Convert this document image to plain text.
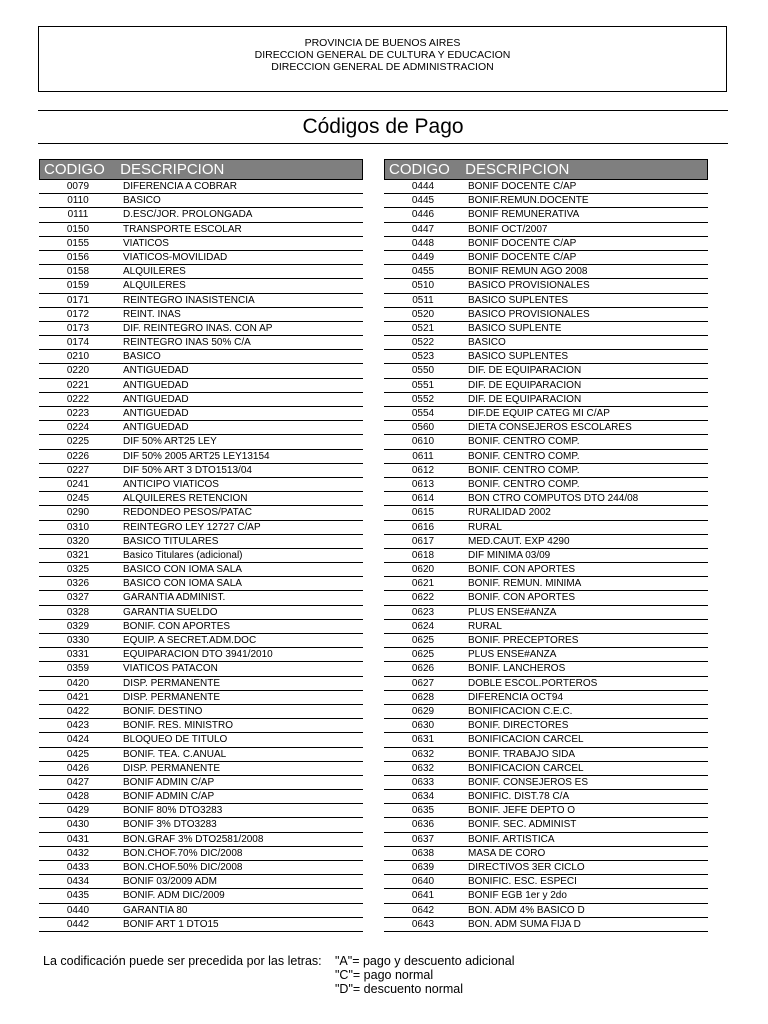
PROVINCIA DE BUENOS AIRES
DIRECCION GENERAL DE CULTURA Y EDUCACION
DIRECCION GENERAL DE ADMINISTRACION
Códigos de Pago
CODIGO DESCRIPCION
0079	DIFERENCIA A COBRAR
0110	BASICO
0111	D.ESC/JOR. PROLONGADA
0150	TRANSPORTE ESCOLAR
0155	VIATICOS
0156	VIATICOS-MOVILIDAD
0158	ALQUILERES
0159	ALQUILERES
0171	REINTEGRO INASISTENCIA
0172	REINT. INAS
0173	DIF. REINTEGRO INAS. CON AP
0174	REINTEGRO INAS 50% C/A
0210	BASICO
0220	ANTIGUEDAD
0221	ANTIGUEDAD
0222	ANTIGUEDAD
0223	ANTIGUEDAD
0224	ANTIGUEDAD
0225	DIF 50% ART25 LEY
0226	DIF 50% 2005 ART25 LEY13154
0227	DIF 50% ART 3 DTO1513/04
0241	ANTICIPO VIATICOS
0245	ALQUILERES RETENCION
0290	REDONDEO PESOS/PATAC
0310	REINTEGRO LEY 12727 C/AP
0320	BASICO TITULARES
0321	Basico Titulares (adicional)
0325	BASICO CON IOMA SALA
0326	BASICO CON IOMA SALA
0327	GARANTIA ADMINIST.
0328	GARANTIA SUELDO
0329	BONIF. CON APORTES
0330	EQUIP. A SECRET.ADM.DOC
0331	EQUIPARACION DTO 3941/2010
0359	VIATICOS PATACON
0420	DISP. PERMANENTE
0421	DISP. PERMANENTE
0422	BONIF. DESTINO
0423	BONIF. RES. MINISTRO
0424	BLOQUEO DE TITULO
0425	BONIF. TEA. C.ANUAL
0426	DISP. PERMANENTE
0427	BONIF ADMIN C/AP
0428	BONIF ADMIN C/AP
0429	BONIF 80% DTO3283
0430	BONIF 3% DTO3283
0431	BON.GRAF 3% DTO2581/2008
0432	BON.CHOF.70% DIC/2008
0433	BON.CHOF.50% DIC/2008
0434	BONIF 03/2009 ADM
0435	BONIF. ADM DIC/2009
0440	GARANTIA 80
0442	BONIF ART 1 DTO15
CODIGO DESCRIPCION
0444	BONIF DOCENTE C/AP
0445	BONIF.REMUN.DOCENTE
0446	BONIF REMUNERATIVA
0447	BONIF OCT/2007
0448	BONIF DOCENTE C/AP
0449	BONIF DOCENTE C/AP
0455	BONIF REMUN AGO 2008
0510	BASICO PROVISIONALES
0511	BASICO SUPLENTES
0520	BASICO PROVISIONALES
0521	BASICO SUPLENTE
0522	BASICO
0523	BASICO SUPLENTES
0550	DIF. DE EQUIPARACION
0551	DIF. DE EQUIPARACION
0552	DIF. DE EQUIPARACION
0554	DIF.DE EQUIP CATEG MI C/AP
0560	DIETA CONSEJEROS ESCOLARES
0610	BONIF. CENTRO COMP.
0611	BONIF. CENTRO COMP.
0612	BONIF. CENTRO COMP.
0613	BONIF. CENTRO COMP.
0614	BON CTRO COMPUTOS DTO 244/08
0615	RURALIDAD 2002
0616	RURAL
0617	MED.CAUT. EXP 4290
0618	DIF MINIMA 03/09
0620	BONIF. CON APORTES
0621	BONIF. REMUN. MINIMA
0622	BONIF. CON APORTES
0623	PLUS ENSE#ANZA
0624	RURAL
0625	BONIF. PRECEPTORES
0625	PLUS ENSE#ANZA
0626	BONIF. LANCHEROS
0627	DOBLE ESCOL.PORTEROS
0628	DIFERENCIA OCT94
0629	BONIFICACION C.E.C.
0630	BONIF. DIRECTORES
0631	BONIFICACION CARCEL
0632	BONIF. TRABAJO SIDA
0632	BONIFICACION CARCEL
0633	BONIF. CONSEJEROS ES
0634	BONIFIC. DIST.78 C/A
0635	BONIF. JEFE DEPTO O
0636	BONIF. SEC. ADMINIST
0637	BONIF. ARTISTICA
0638	MASA DE CORO
0639	DIRECTIVOS 3ER CICLO
0640	BONIFIC. ESC. ESPECI
0641	BONIF EGB 1er y 2do
0642	BON. ADM 4% BASICO D
0643	BON. ADM SUMA FIJA D
La codificación puede ser precedida por las letras: "A"= pago y descuento adicional
"C"= pago normal
"D"= descuento normal
